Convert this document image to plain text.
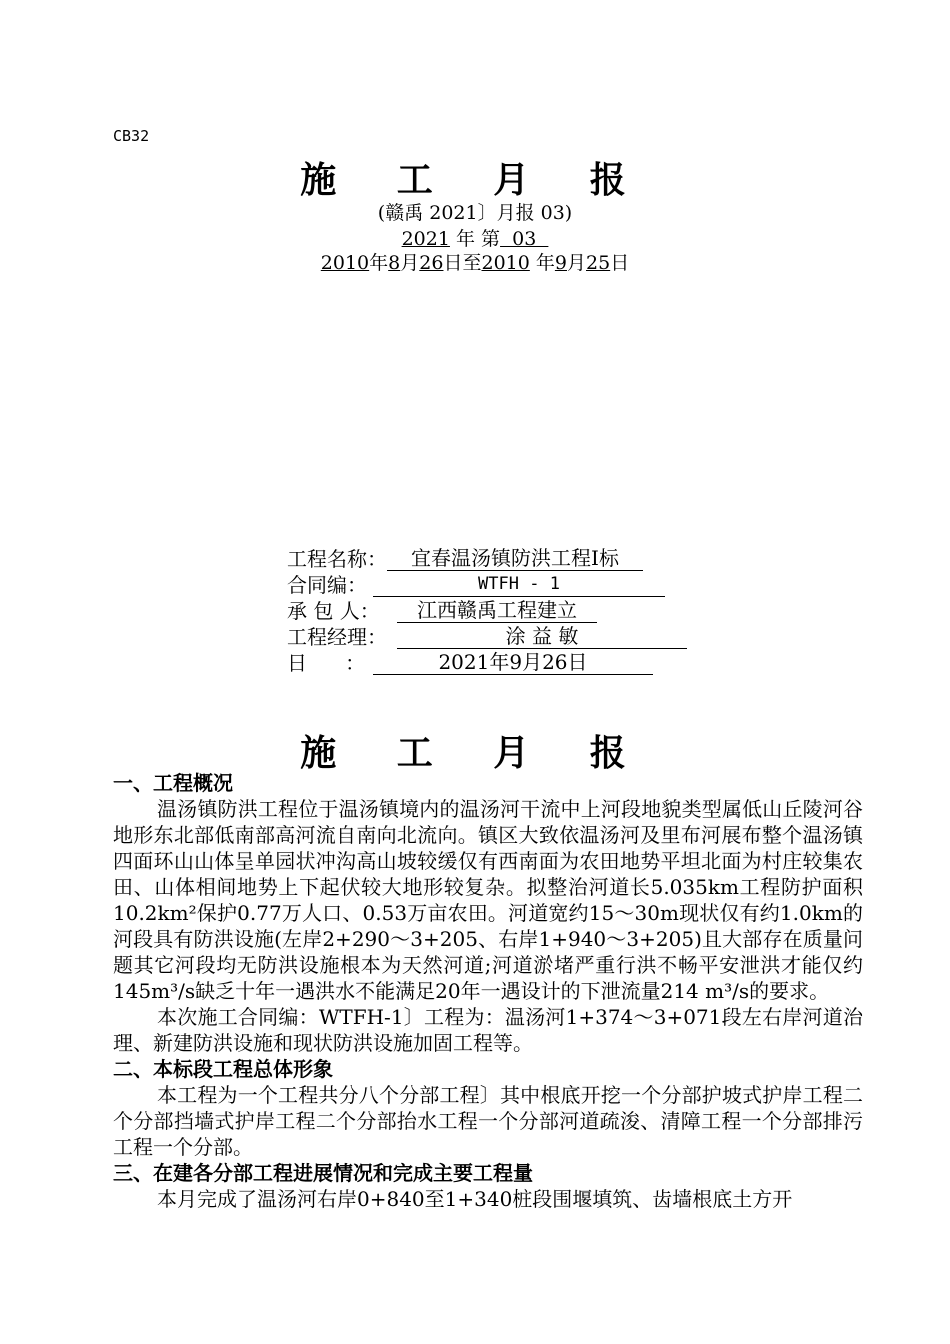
CB32
施 工 月 报
(赣禹 2021〕月报 03)
2021 年 第  03
2010年8月26日至2010 年9月25日
工程名称：	宜春温汤镇防洪工程Ⅰ标
合同编：	WTFH - 1
承 包 人：	江西赣禹工程建立
工程经理：	涂 益 敏
日      ：	2021年9月26日
施 工 月 报
一、工程概况

温汤镇防洪工程位于温汤镇境内的温汤河干流中上河段地貌类型属低山丘陵河谷地形东北部低南部高河流自南向北流向。镇区大致依温汤河及里布河展布整个温汤镇四面环山山体呈单园状冲沟高山坡较缓仅有西南面为农田地势平坦北面为村庄较集农田、山体相间地势上下起伏较大地形较复杂。拟整治河道长5.035km工程防护面积10.2km²保护0.77万人口、0.53万亩农田。河道宽约15～30m现状仅有约1.0km的河段具有防洪设施(左岸2+290～3+205、右岸1+940～3+205)且大部存在质量问题其它河段均无防洪设施根本为天然河道;河道淤堵严重行洪不畅平安泄洪才能仅约145m³/s缺乏十年一遇洪水不能满足20年一遇设计的下泄流量214 m³/s的要求。

本次施工合同编：WTFH-1〕工程为：温汤河1+374～3+071段左右岸河道治理、新建防洪设施和现状防洪设施加固工程等。

二、本标段工程总体形象

本工程为一个工程共分八个分部工程〕其中根底开挖一个分部护坡式护岸工程二个分部挡墙式护岸工程二个分部抬水工程一个分部河道疏浚、清障工程一个分部排污工程一个分部。

三、在建各分部工程进展情况和完成主要工程量

本月完成了温汤河右岸0+840至1+340桩段围堰填筑、齿墙根底土方开
